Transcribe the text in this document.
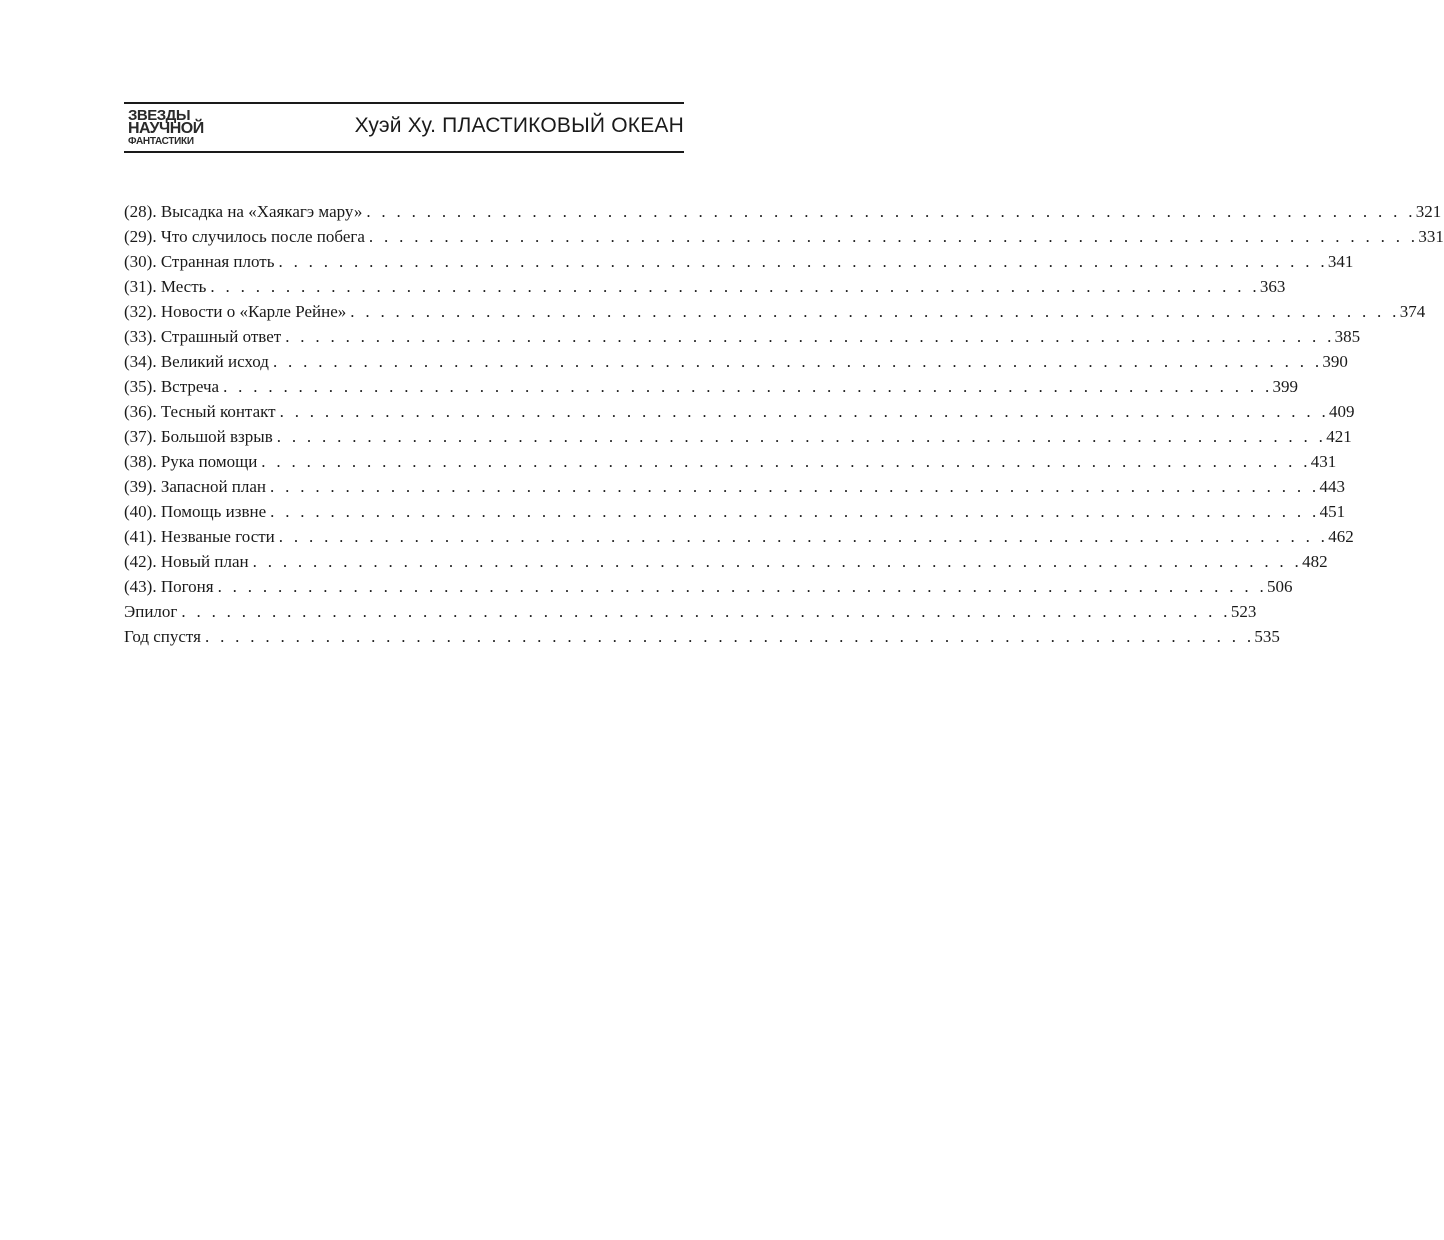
ЗВЕЗДЫ
НАУЧНОЙ
ФАНТАСТИКИ
Хуэй Ху. ПЛАСТИКОВЫЙ ОКЕАН
(28). Высадка на «Хаякагэ мару» . . . . . . . . . . . . . . . . . . . . . . . . . . . . . . . . . . . . . . . . . . . . . . . . . . . . . . . . . . . . . . . . . . . . . . 321
(29). Что случилось после побега . . . . . . . . . . . . . . . . . . . . . . . . . . . . . . . . . . . . . . . . . . . . . . . . . . . . . . . . . . . . . . . . . . . . . . 331
(30). Странная плоть . . . . . . . . . . . . . . . . . . . . . . . . . . . . . . . . . . . . . . . . . . . . . . . . . . . . . . . . . . . . . . . . . . . . . . 341
(31). Месть . . . . . . . . . . . . . . . . . . . . . . . . . . . . . . . . . . . . . . . . . . . . . . . . . . . . . . . . . . . . . . . . . . . . . . 363
(32). Новости о «Карле Рейне» . . . . . . . . . . . . . . . . . . . . . . . . . . . . . . . . . . . . . . . . . . . . . . . . . . . . . . . . . . . . . . . . . . . . . . 374
(33). Страшный ответ . . . . . . . . . . . . . . . . . . . . . . . . . . . . . . . . . . . . . . . . . . . . . . . . . . . . . . . . . . . . . . . . . . . . . . 385
(34). Великий исход . . . . . . . . . . . . . . . . . . . . . . . . . . . . . . . . . . . . . . . . . . . . . . . . . . . . . . . . . . . . . . . . . . . . . . 390
(35). Встреча . . . . . . . . . . . . . . . . . . . . . . . . . . . . . . . . . . . . . . . . . . . . . . . . . . . . . . . . . . . . . . . . . . . . . . 399
(36). Тесный контакт . . . . . . . . . . . . . . . . . . . . . . . . . . . . . . . . . . . . . . . . . . . . . . . . . . . . . . . . . . . . . . . . . . . . . . 409
(37). Большой взрыв . . . . . . . . . . . . . . . . . . . . . . . . . . . . . . . . . . . . . . . . . . . . . . . . . . . . . . . . . . . . . . . . . . . . . . 421
(38). Рука помощи . . . . . . . . . . . . . . . . . . . . . . . . . . . . . . . . . . . . . . . . . . . . . . . . . . . . . . . . . . . . . . . . . . . . . . 431
(39). Запасной план . . . . . . . . . . . . . . . . . . . . . . . . . . . . . . . . . . . . . . . . . . . . . . . . . . . . . . . . . . . . . . . . . . . . . . 443
(40). Помощь извне . . . . . . . . . . . . . . . . . . . . . . . . . . . . . . . . . . . . . . . . . . . . . . . . . . . . . . . . . . . . . . . . . . . . . . 451
(41). Незваные гости . . . . . . . . . . . . . . . . . . . . . . . . . . . . . . . . . . . . . . . . . . . . . . . . . . . . . . . . . . . . . . . . . . . . . . 462
(42). Новый план . . . . . . . . . . . . . . . . . . . . . . . . . . . . . . . . . . . . . . . . . . . . . . . . . . . . . . . . . . . . . . . . . . . . . . 482
(43). Погоня . . . . . . . . . . . . . . . . . . . . . . . . . . . . . . . . . . . . . . . . . . . . . . . . . . . . . . . . . . . . . . . . . . . . . . 506
Эпилог . . . . . . . . . . . . . . . . . . . . . . . . . . . . . . . . . . . . . . . . . . . . . . . . . . . . . . . . . . . . . . . . . . . . . . 523
Год спустя . . . . . . . . . . . . . . . . . . . . . . . . . . . . . . . . . . . . . . . . . . . . . . . . . . . . . . . . . . . . . . . . . . . . . . 535
